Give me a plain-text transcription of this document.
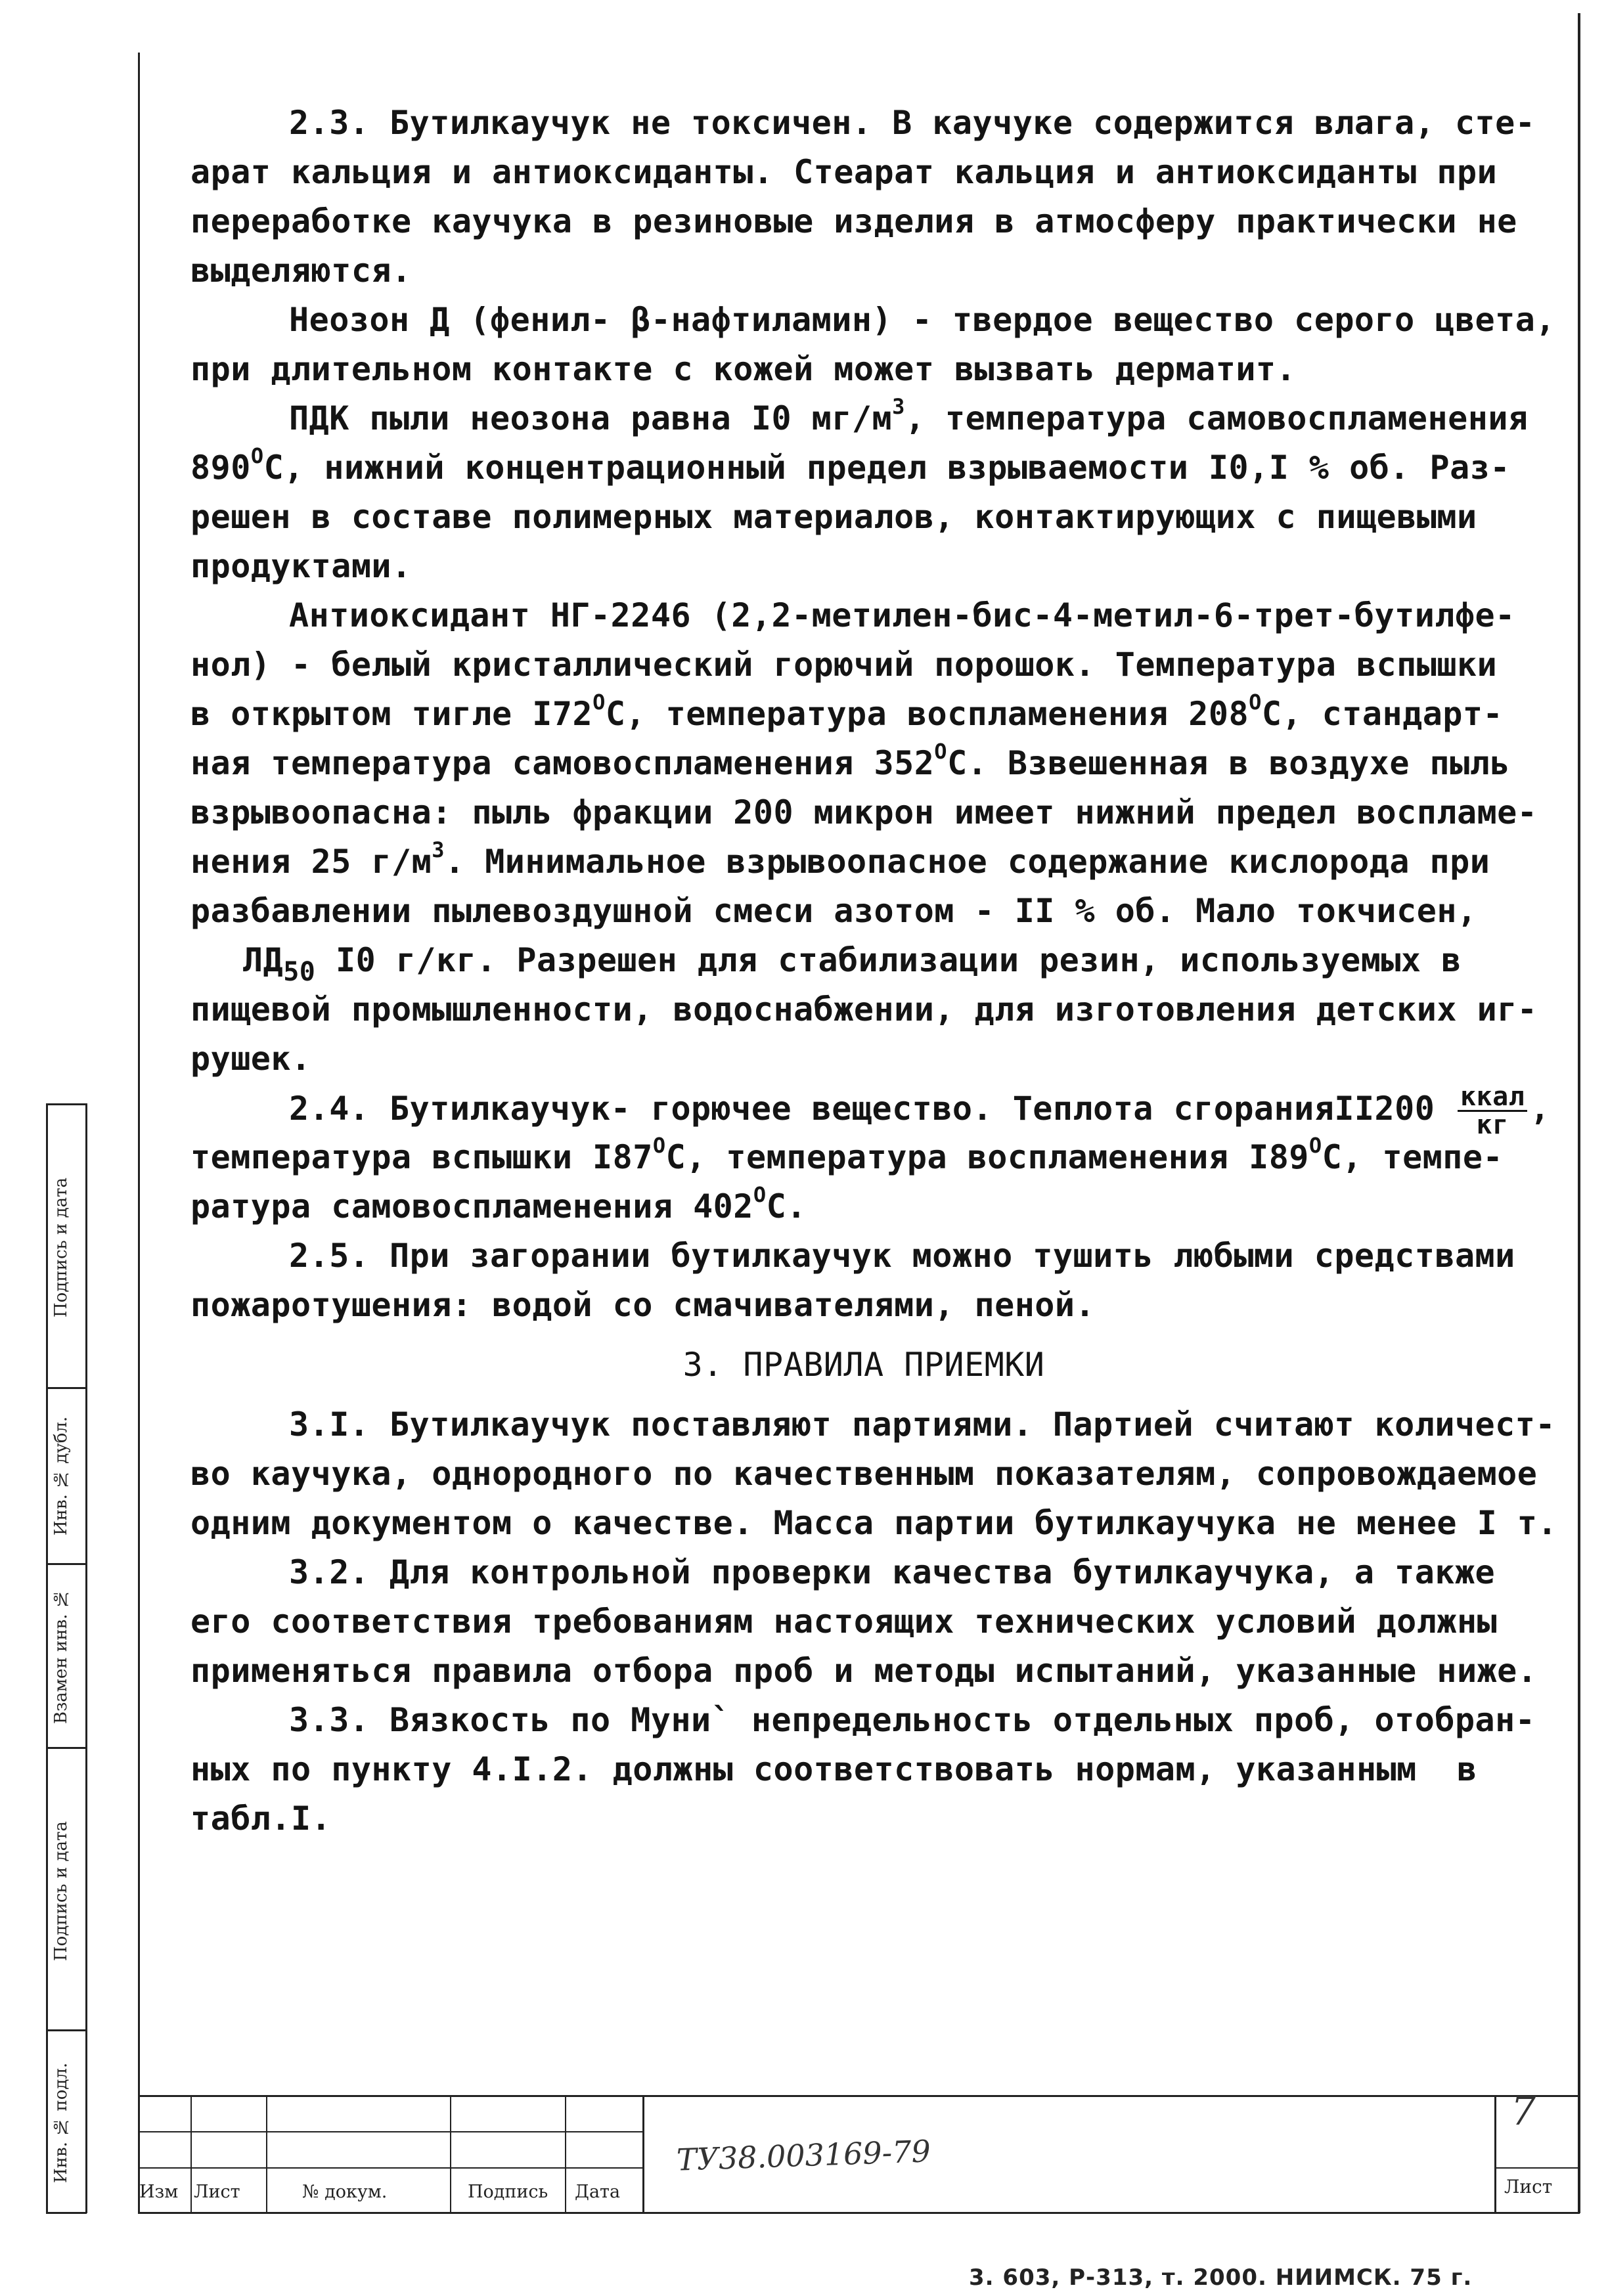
Подпись и дата
Инв. № дубл.
Взамен инв. №
Подпись и дата
Инв. № подл.
2.3. Бутилкаучук не токсичен. В каучуке содержится влага, сте-
арат кальция и антиоксиданты. Стеарат кальция и антиоксиданты при
переработке каучука в резиновые изделия в атмосферу практически не
выделяются.
Неозон Д (фенил- β-нафтиламин) - твердое вещество серого цвета,
при длительном контакте с кожей может вызвать дерматит.
ПДК пыли неозона равна I0 $мг/м^3$, температура самовоспламенения
$890^ОС$, нижний концентрационный предел взрываемости I0,I % об. Раз-
решен в составе полимерных материалов, контактирующих с пищевыми
продуктами.
Антиоксидант НГ-2246 (2,2-метилен-бис-4-метил-6-трет-бутилфе-
нол) - белый кристаллический горючий порошок. Температура вспышки
в открытом тигле $I72^ОС$, температура воспламенения $208^ОС$, стандарт-
ная температура самовоспламенения $352^ОС$. Взвешенная в воздухе пыль
взрывоопасна: пыль фракции 200 микрон имеет нижний предел воспламе-
нения 25 $г/м^3$. Минимальное взрывоопасное содержание кислорода при
разбавлении пылевоздушной смеси азотом - II % об. Мало токчисен,
$ЛД_{50}$ I0 г/кг. Разрешен для стабилизации резин, используемых в
пищевой промышленности, водоснабжении, для изготовления детских иг-
рушек.
2.4. Бутилкаучук- горючее вещество. Теплота сгоранияII200 $\frac{\text{ккал}}{кг}$ ,
температура вспышки $I87^ОС$, температура воспламенения $I89^ОС$, темпе-
ратура самовоспламенения $402^ОС$.
2.5. При загорании бутилкаучук можно тушить любыми средствами
пожаротушения: водой со смачивателями, пеной.
3. ПРАВИЛА ПРИЕМКИ
3.I. Бутилкаучук поставляют партиями. Партией считают количест-
во каучука, однородного по качественным показателям, сопровождаемое
одним документом о качестве. Масса партии бутилкаучука не менее I т.
3.2. Для контрольной проверки качества бутилкаучука, а также
его соответствия требованиям настоящих технических условий должны
применяться правила отбора проб и методы испытаний, указанные ниже.
3.3. Вязкость по Муни` непредельность отдельных проб, отобран-
ных по пункту 4.I.2. должны соответствовать нормам, указанным  в
табл.I.
ТУ38.003169-79
7
Лист
Изм Лист	№ докум.	Подпись Дата
3. 603, Р-313, т. 2000. НИИМСК. 75 г.
